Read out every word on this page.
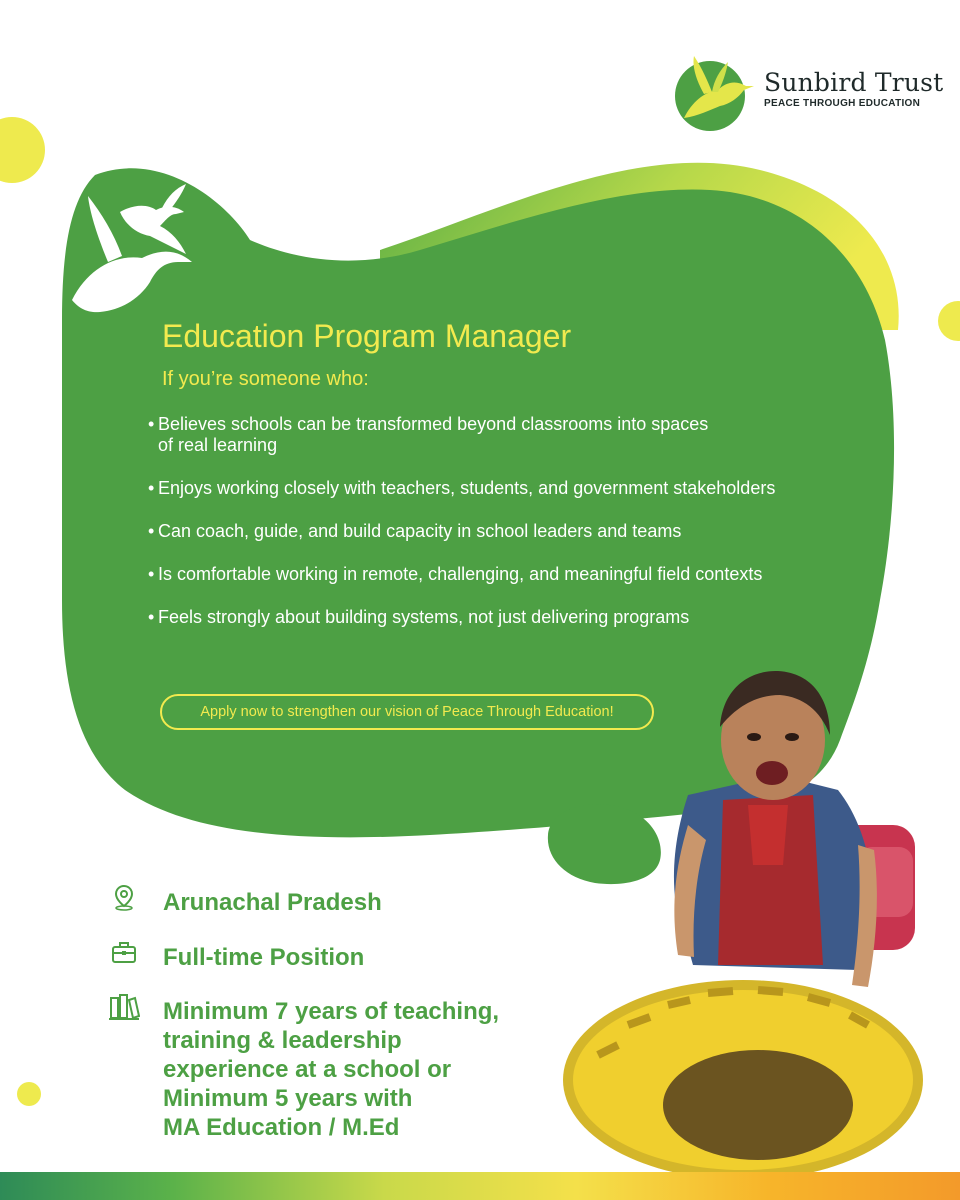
Sunbird Trust
PEACE THROUGH EDUCATION
Education Program Manager
If you’re someone who:
• Believes schools can be transformed beyond classrooms into spaces of real learning
• Enjoys working closely with teachers, students, and government stakeholders
• Can coach, guide, and build capacity in school leaders and teams
• Is comfortable working in remote, challenging, and meaningful field contexts
• Feels strongly about building systems, not just delivering programs
Apply now to strengthen our vision of Peace Through Education!
Arunachal Pradesh
Full-time Position
Minimum 7 years of teaching,
training & leadership
experience at a school or
Minimum 5 years with
MA Education / M.Ed
